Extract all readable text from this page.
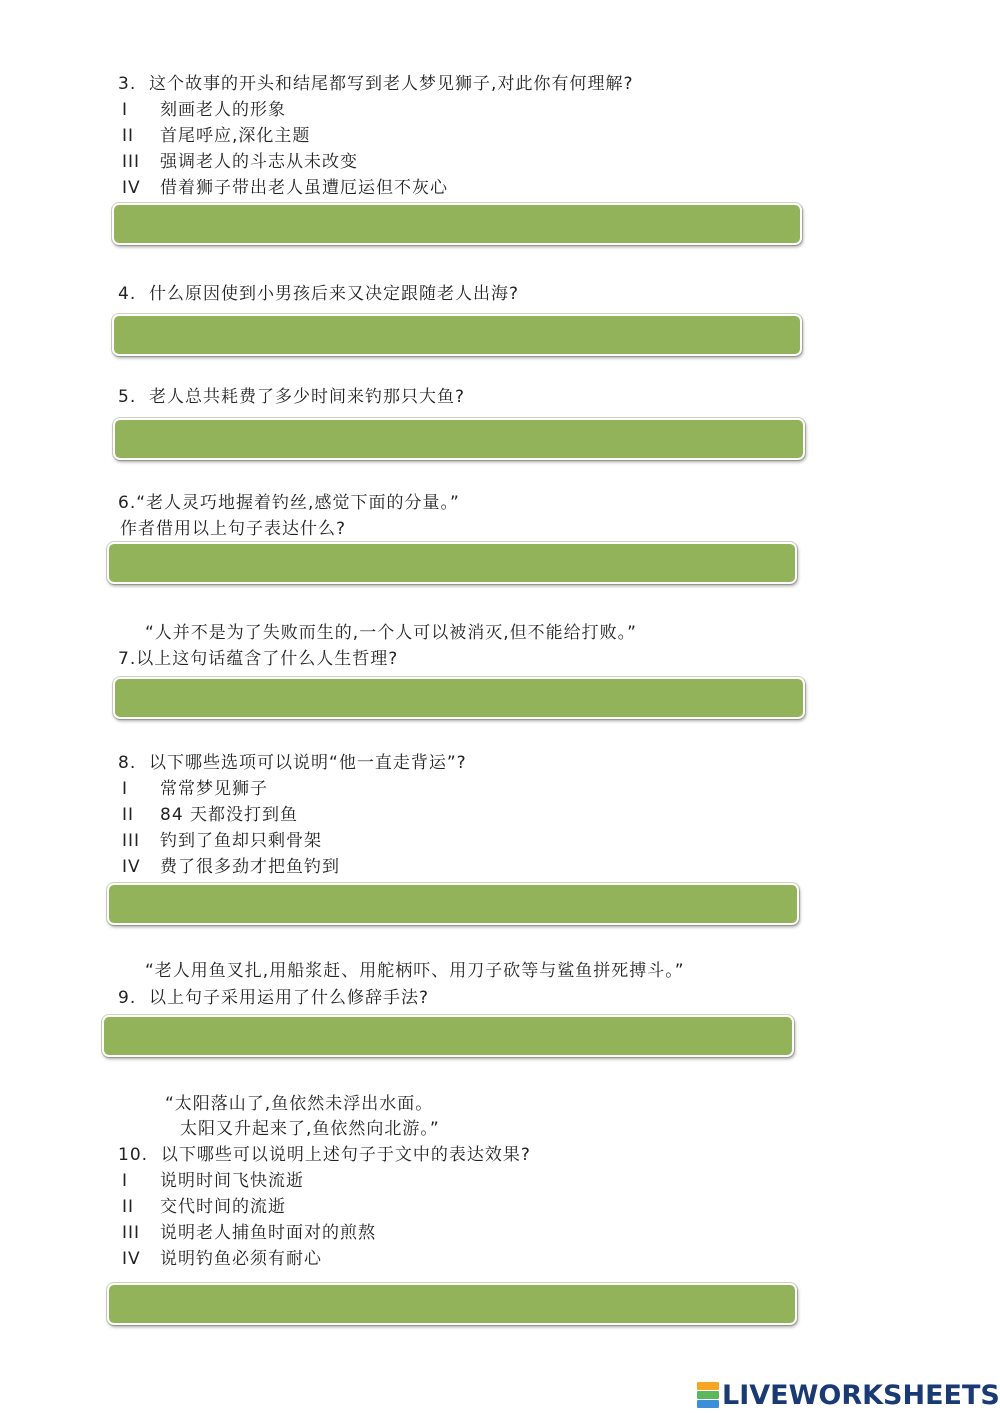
3. 这个故事的开头和结尾都写到老人梦见狮子,对此你有何理解?
I 刻画老人的形象
II 首尾呼应,深化主题
III 强调老人的斗志从未改变
IV 借着狮子带出老人虽遭厄运但不灰心
4. 什么原因使到小男孩后来又决定跟随老人出海?
5. 老人总共耗费了多少时间来钓那只大鱼?
6.“老人灵巧地握着钓丝,感觉下面的分量。”
作者借用以上句子表达什么?
“人并不是为了失败而生的,一个人可以被消灭,但不能给打败。”
7.以上这句话蕴含了什么人生哲理?
8. 以下哪些选项可以说明“他一直走背运”?
I 常常梦见狮子
II 84 天都没打到鱼
III 钓到了鱼却只剩骨架
IV 费了很多劲才把鱼钓到
“老人用鱼叉扎,用船浆赶、用舵柄吓、用刀子砍等与鲨鱼拼死搏斗。”
9. 以上句子采用运用了什么修辞手法?
“太阳落山了,鱼依然未浮出水面。
太阳又升起来了,鱼依然向北游。”
10. 以下哪些可以说明上述句子于文中的表达效果?
I 说明时间飞快流逝
II 交代时间的流逝
III 说明老人捕鱼时面对的煎熬
IV 说明钓鱼必须有耐心
LIVEWORKSHEETS
